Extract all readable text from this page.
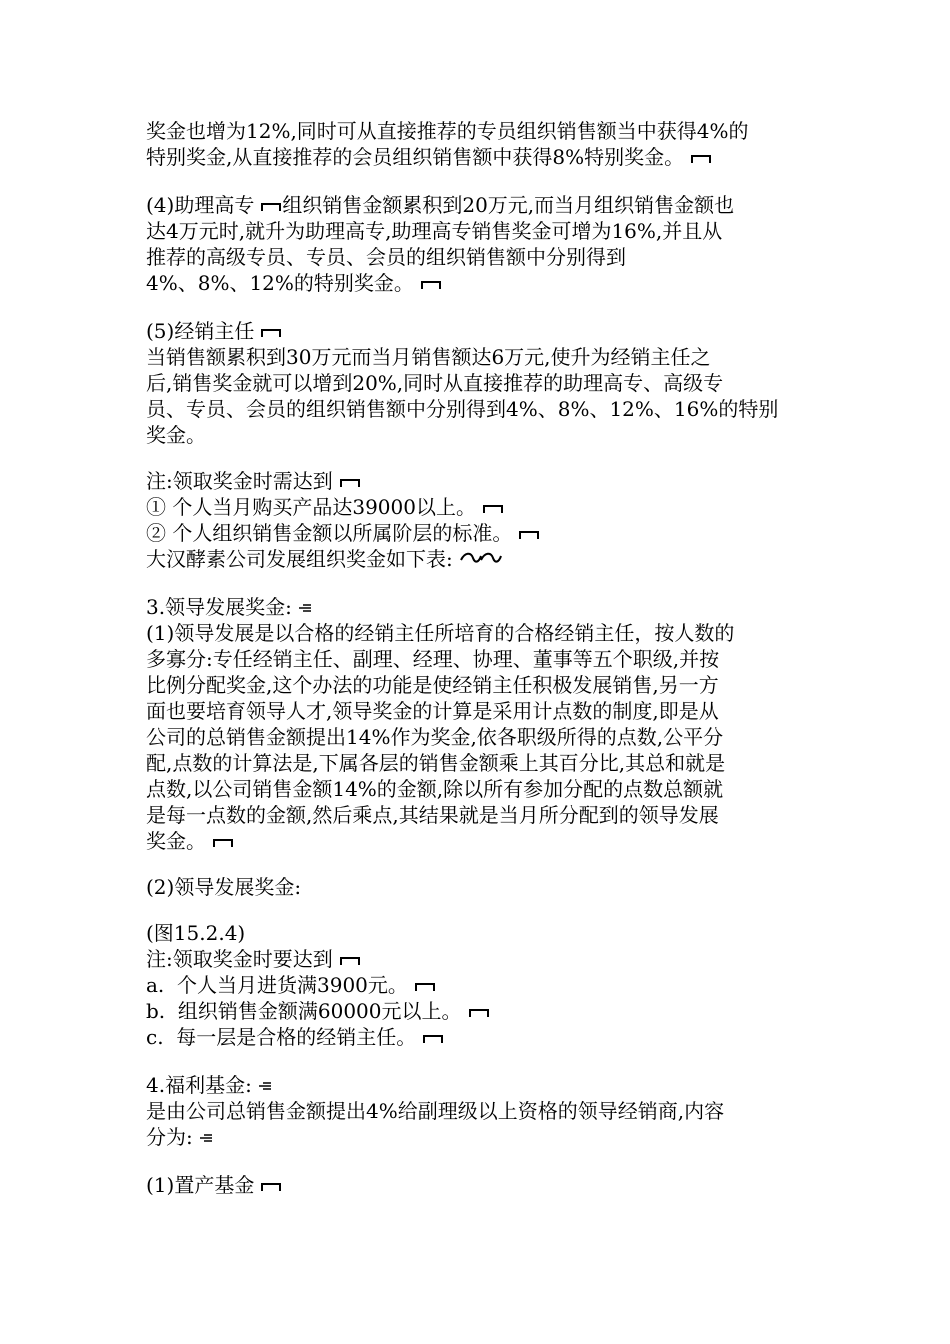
奖金也增为12%,同时可从直接推荐的专员组织销售额当中获得4%的
特别奖金,从直接推荐的会员组织销售额中获得8%特别奖金。
(4)助理高专 组织销售金额累积到20万元,而当月组织销售金额也
达4万元时,就升为助理高专,助理高专销售奖金可增为16%,并且从
推荐的高级专员、专员、会员的组织销售额中分别得到
4%、8%、12%的特别奖金。
(5)经销主任
当销售额累积到30万元而当月销售额达6万元,使升为经销主任之
后,销售奖金就可以增到20%,同时从直接推荐的助理高专、高级专
员、专员、会员的组织销售额中分别得到4%、8%、12%、16%的特别
奖金。
注:领取奖金时需达到
① 个人当月购买产品达39000以上。
② 个人组织销售金额以所属阶层的标准。
大汉酵素公司发展组织奖金如下表:
3.领导发展奖金:
(1)领导发展是以合格的经销主任所培育的合格经销主任，按人数的
多寡分:专任经销主任、副理、经理、协理、董事等五个职级,并按
比例分配奖金,这个办法的功能是使经销主任积极发展销售,另一方
面也要培育领导人才,领导奖金的计算是采用计点数的制度,即是从
公司的总销售金额提出14%作为奖金,依各职级所得的点数,公平分
配,点数的计算法是,下属各层的销售金额乘上其百分比,其总和就是
点数,以公司销售金额14%的金额,除以所有参加分配的点数总额就
是每一点数的金额,然后乘点,其结果就是当月所分配到的领导发展
奖金。
(2)领导发展奖金:
(图15.2.4)
注:领取奖金时要达到
a.  个人当月进货满3900元。
b.  组织销售金额满60000元以上。
c.  每一层是合格的经销主任。
4.福利基金:
是由公司总销售金额提出4%给副理级以上资格的领导经销商,内容
分为:
(1)置产基金
